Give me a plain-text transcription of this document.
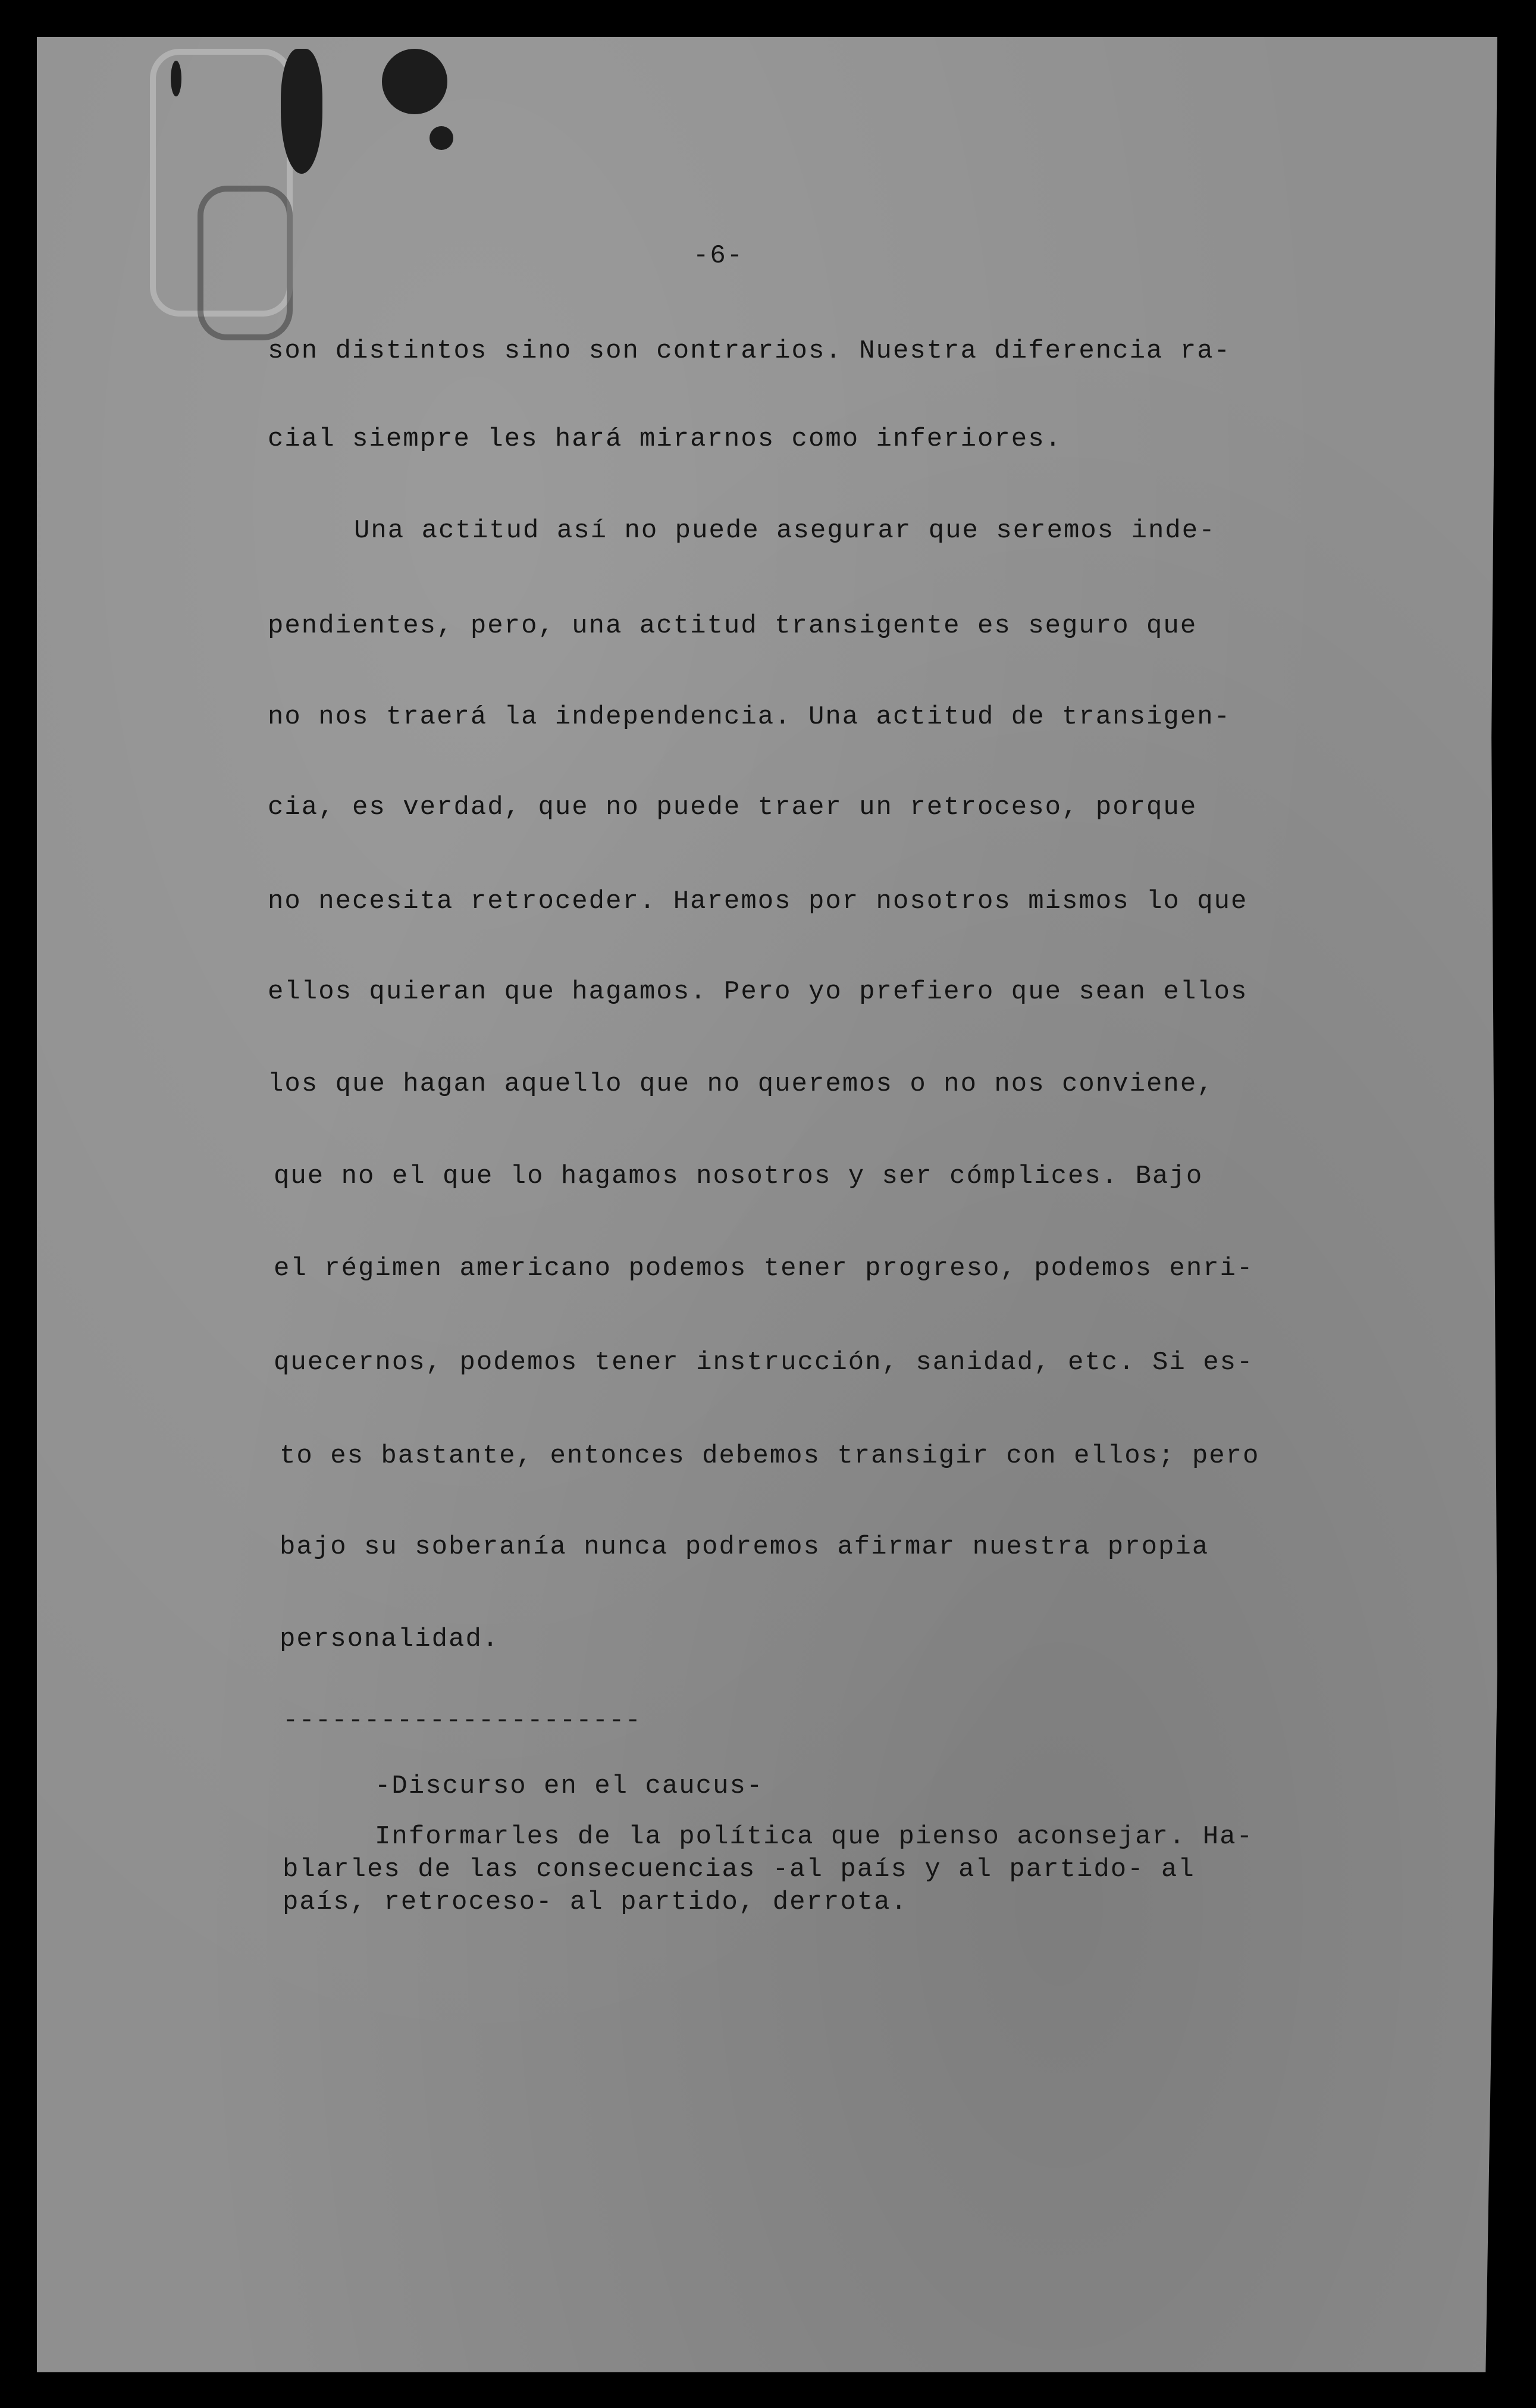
-6-
son distintos sino son contrarios. Nuestra diferencia ra-
cial siempre les hará mirarnos como inferiores.
Una actitud así no puede asegurar que seremos inde-
pendientes, pero, una actitud transigente es seguro que
no nos traerá la independencia. Una actitud de transigen-
cia, es verdad, que no puede traer un retroceso, porque
no necesita retroceder. Haremos por nosotros mismos lo que
ellos quieran que hagamos. Pero yo prefiero que sean ellos
los que hagan aquello que no queremos o no nos conviene,
que no el que lo hagamos nosotros y ser cómplices. Bajo
el régimen americano podemos tener progreso, podemos enri-
quecernos, podemos tener instrucción, sanidad, etc. Si es-
to es bastante, entonces debemos transigir con ellos; pero
bajo su soberanía nunca podremos afirmar nuestra propia
personalidad.
----------------------
-Discurso en el caucus-
Informarles de la política que pienso aconsejar. Ha-
blarles de las consecuencias -al país y al partido- al
país, retroceso- al partido, derrota.
